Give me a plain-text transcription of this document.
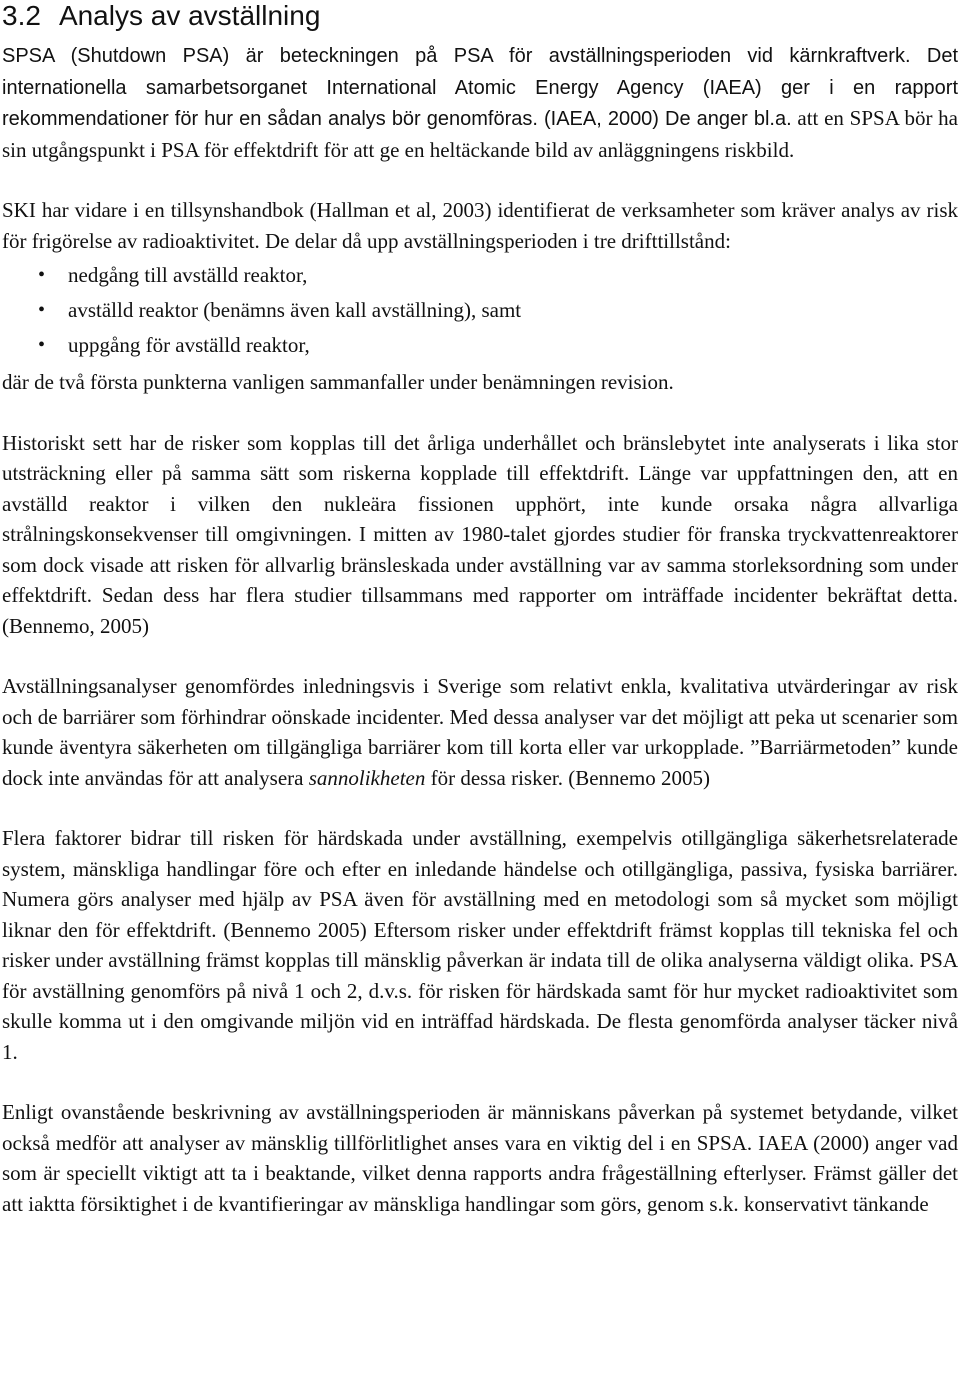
3.2 Analys av avställning

SPSA (Shutdown PSA) är beteckningen på PSA för avställningsperioden vid kärnkraftverk. Det internationella samarbetsorganet International Atomic Energy Agency (IAEA) ger i en rapport rekommendationer för hur en sådan analys bör genomföras. (IAEA, 2000) De anger bl.a. att en SPSA bör ha sin utgångspunkt i PSA för effektdrift för att ge en heltäckande bild av anläggningens riskbild.

SKI har vidare i en tillsynshandbok (Hallman et al, 2003) identifierat de verksamheter som kräver analys av risk för frigörelse av radioaktivitet. De delar då upp avställningsperioden i tre drifttillstånd:

• nedgång till avställd reaktor,
• avställd reaktor (benämns även kall avställning), samt
• uppgång för avställd reaktor,

där de två första punkterna vanligen sammanfaller under benämningen revision.

Historiskt sett har de risker som kopplas till det årliga underhållet och bränslebytet inte analyserats i lika stor utsträckning eller på samma sätt som riskerna kopplade till effektdrift. Länge var uppfattningen den, att en avställd reaktor i vilken den nukleära fissionen upphört, inte kunde orsaka några allvarliga strålningskonsekvenser till omgivningen. I mitten av 1980-talet gjordes studier för franska tryckvattenreaktorer som dock visade att risken för allvarlig bränsleskada under avställning var av samma storleksordning som under effektdrift. Sedan dess har flera studier tillsammans med rapporter om inträffade incidenter bekräftat detta. (Bennemo, 2005)

Avställningsanalyser genomfördes inledningsvis i Sverige som relativt enkla, kvalitativa utvärderingar av risk och de barriärer som förhindrar oönskade incidenter. Med dessa analyser var det möjligt att peka ut scenarier som kunde äventyra säkerheten om tillgängliga barriärer kom till korta eller var urkopplade. ”Barriärmetoden” kunde dock inte användas för att analysera sannolikheten för dessa risker. (Bennemo 2005)

Flera faktorer bidrar till risken för härdskada under avställning, exempelvis otillgängliga säkerhetsrelaterade system, mänskliga handlingar före och efter en inledande händelse och otillgängliga, passiva, fysiska barriärer. Numera görs analyser med hjälp av PSA även för avställning med en metodologi som så mycket som möjligt liknar den för effektdrift. (Bennemo 2005) Eftersom risker under effektdrift främst kopplas till tekniska fel och risker under avställning främst kopplas till mänsklig påverkan är indata till de olika analyserna väldigt olika. PSA för avställning genomförs på nivå 1 och 2, d.v.s. för risken för härdskada samt för hur mycket radioaktivitet som skulle komma ut i den omgivande miljön vid en inträffad härdskada. De flesta genomförda analyser täcker nivå 1.

Enligt ovanstående beskrivning av avställningsperioden är människans påverkan på systemet betydande, vilket också medför att analyser av mänsklig tillförlitlighet anses vara en viktig del i en SPSA. IAEA (2000) anger vad som är speciellt viktigt att ta i beaktande, vilket denna rapports andra frågeställning efterlyser. Främst gäller det att iaktta försiktighet i de kvantifieringar av mänskliga handlingar som görs, genom s.k. konservativt tänkande
